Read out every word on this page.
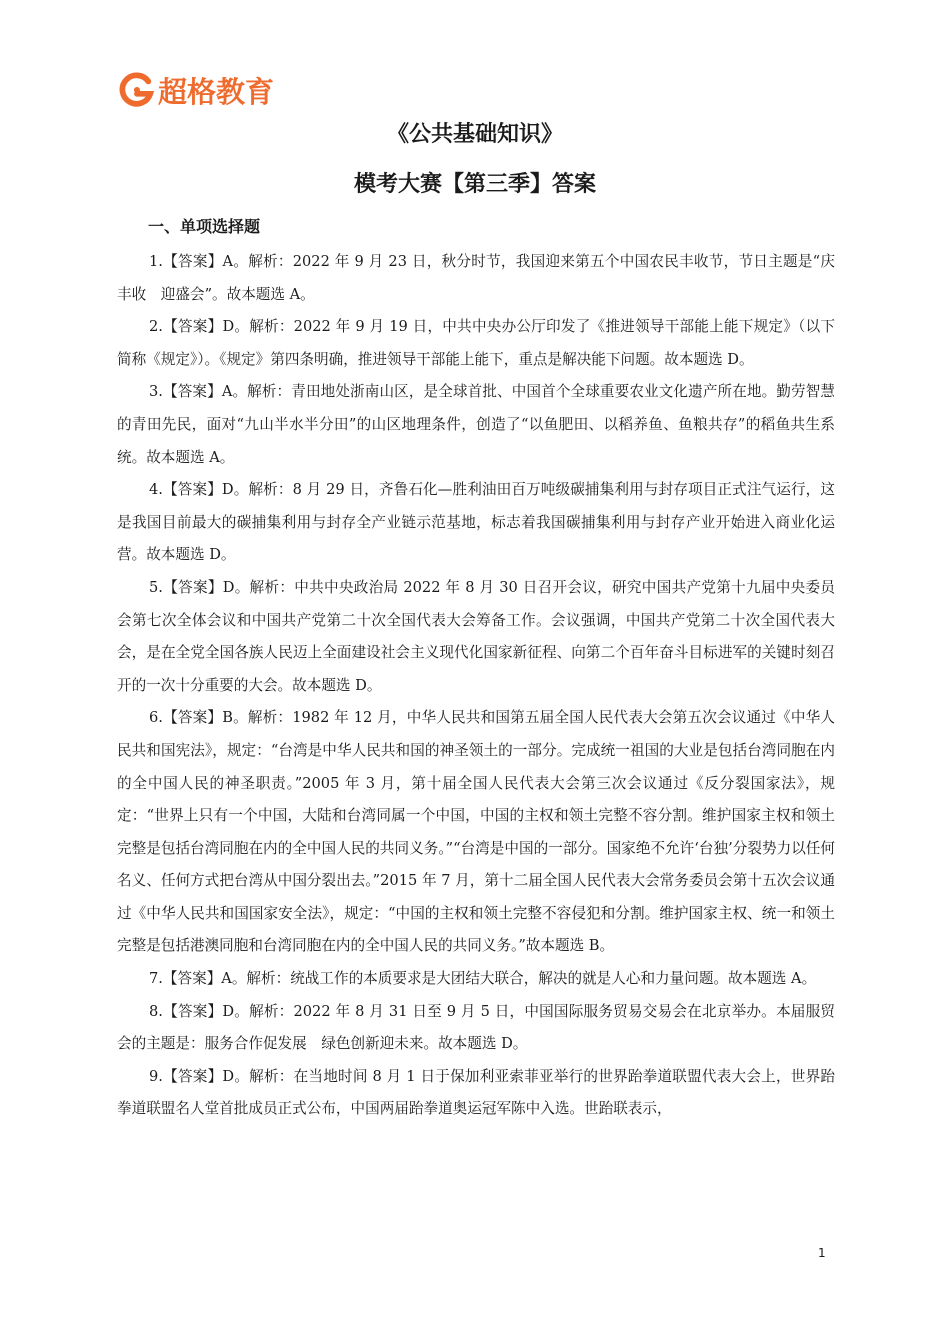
超格教育
《公共基础知识》
模考大赛【第三季】答案
一、单项选择题

1.【答案】A。解析：2022 年 9 月 23 日，秋分时节，我国迎来第五个中国农民丰收节，节日主题是“庆丰收　迎盛会”。故本题选 A。

2.【答案】D。解析：2022 年 9 月 19 日，中共中央办公厅印发了《推进领导干部能上能下规定》（以下简称《规定》）。《规定》第四条明确，推进领导干部能上能下，重点是解决能下问题。故本题选 D。

3.【答案】A。解析：青田地处浙南山区，是全球首批、中国首个全球重要农业文化遗产所在地。勤劳智慧的青田先民，面对“九山半水半分田”的山区地理条件，创造了“以鱼肥田、以稻养鱼、鱼粮共存”的稻鱼共生系统。故本题选 A。

4.【答案】D。解析：8 月 29 日，齐鲁石化—胜利油田百万吨级碳捕集利用与封存项目正式注气运行，这是我国目前最大的碳捕集利用与封存全产业链示范基地，标志着我国碳捕集利用与封存产业开始进入商业化运营。故本题选 D。

5.【答案】D。解析：中共中央政治局 2022 年 8 月 30 日召开会议，研究中国共产党第十九届中央委员会第七次全体会议和中国共产党第二十次全国代表大会筹备工作。会议强调，中国共产党第二十次全国代表大会，是在全党全国各族人民迈上全面建设社会主义现代化国家新征程、向第二个百年奋斗目标进军的关键时刻召开的一次十分重要的大会。故本题选 D。

6.【答案】B。解析：1982 年 12 月，中华人民共和国第五届全国人民代表大会第五次会议通过《中华人民共和国宪法》，规定：“台湾是中华人民共和国的神圣领土的一部分。完成统一祖国的大业是包括台湾同胞在内的全中国人民的神圣职责。”2005 年 3 月，第十届全国人民代表大会第三次会议通过《反分裂国家法》，规定：“世界上只有一个中国，大陆和台湾同属一个中国，中国的主权和领土完整不容分割。维护国家主权和领土完整是包括台湾同胞在内的全中国人民的共同义务。”“台湾是中国的一部分。国家绝不允许‘台独’分裂势力以任何名义、任何方式把台湾从中国分裂出去。”2015 年 7 月，第十二届全国人民代表大会常务委员会第十五次会议通过《中华人民共和国国家安全法》，规定：“中国的主权和领土完整不容侵犯和分割。维护国家主权、统一和领土完整是包括港澳同胞和台湾同胞在内的全中国人民的共同义务。”故本题选 B。

7.【答案】A。解析：统战工作的本质要求是大团结大联合，解决的就是人心和力量问题。故本题选 A。

8.【答案】D。解析：2022 年 8 月 31 日至 9 月 5 日，中国国际服务贸易交易会在北京举办。本届服贸会的主题是：服务合作促发展　绿色创新迎未来。故本题选 D。

9.【答案】D。解析：在当地时间 8 月 1 日于保加利亚索菲亚举行的世界跆拳道联盟代表大会上，世界跆拳道联盟名人堂首批成员正式公布，中国两届跆拳道奥运冠军陈中入选。世跆联表示，

1
